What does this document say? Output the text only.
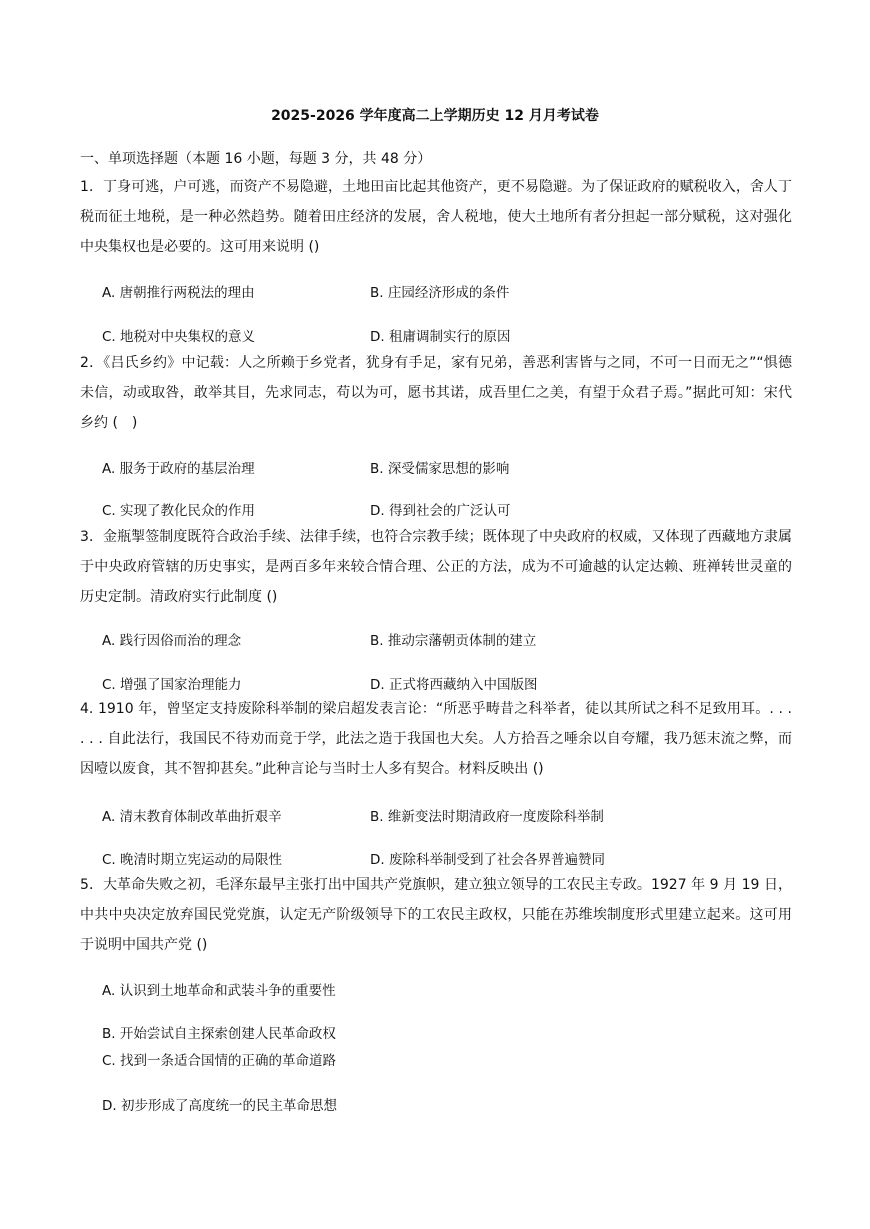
2025-2026 学年度高二上学期历史 12 月月考试卷
一、单项选择题（本题 16 小题，每题 3 分，共 48 分）
1．丁身可逃，户可逃，而资产不易隐避，土地田亩比起其他资产，更不易隐避。为了保证政府的赋税收入，舍人丁税而征土地税，是一种必然趋势。随着田庄经济的发展，舍人税地，使大土地所有者分担起一部分赋税，这对强化中央集权也是必要的。这可用来说明 ()
A. 唐朝推行两税法的理由	B. 庄园经济形成的条件
C. 地税对中央集权的意义	D. 租庸调制实行的原因
2．《吕氏乡约》中记载：人之所赖于乡党者，犹身有手足，家有兄弟，善恶利害皆与之同，不可一日而无之”“惧德未信，动或取咎，敢举其目，先求同志，苟以为可，愿书其诺，成吾里仁之美，有望于众君子焉。”据此可知：宋代乡约 (　)
A. 服务于政府的基层治理	B. 深受儒家思想的影响
C. 实现了教化民众的作用	D. 得到社会的广泛认可
3．金瓶掣签制度既符合政治手续、法律手续，也符合宗教手续；既体现了中央政府的权威，又体现了西藏地方隶属于中央政府管辖的历史事实，是两百多年来较合情合理、公正的方法，成为不可逾越的认定达赖、班禅转世灵童的历史定制。清政府实行此制度 ()
A. 践行因俗而治的理念	B. 推动宗藩朝贡体制的建立
C. 增强了国家治理能力	D. 正式将西藏纳入中国版图
4. 1910 年，曾坚定支持废除科举制的梁启超发表言论：“所恶乎畴昔之科举者，徒以其所试之科不足致用耳。. . . . . . 自此法行，我国民不待劝而竞于学，此法之造于我国也大矣。人方拾吾之唾余以自夸耀，我乃惩末流之弊，而因噎以废食，其不智抑甚矣。”此种言论与当时士人多有契合。材料反映出 ()
A. 清末教育体制改革曲折艰辛	B. 维新变法时期清政府一度废除科举制
C. 晚清时期立宪运动的局限性	D. 废除科举制受到了社会各界普遍赞同
5．大革命失败之初，毛泽东最早主张打出中国共产党旗帜，建立独立领导的工农民主专政。1927 年 9 月 19 日，中共中央决定放弃国民党党旗，认定无产阶级领导下的工农民主政权，只能在苏维埃制度形式里建立起来。这可用于说明中国共产党 ()
A. 认识到土地革命和武装斗争的重要性
B. 开始尝试自主探索创建人民革命政权
C. 找到一条适合国情的正确的革命道路
D. 初步形成了高度统一的民主革命思想
